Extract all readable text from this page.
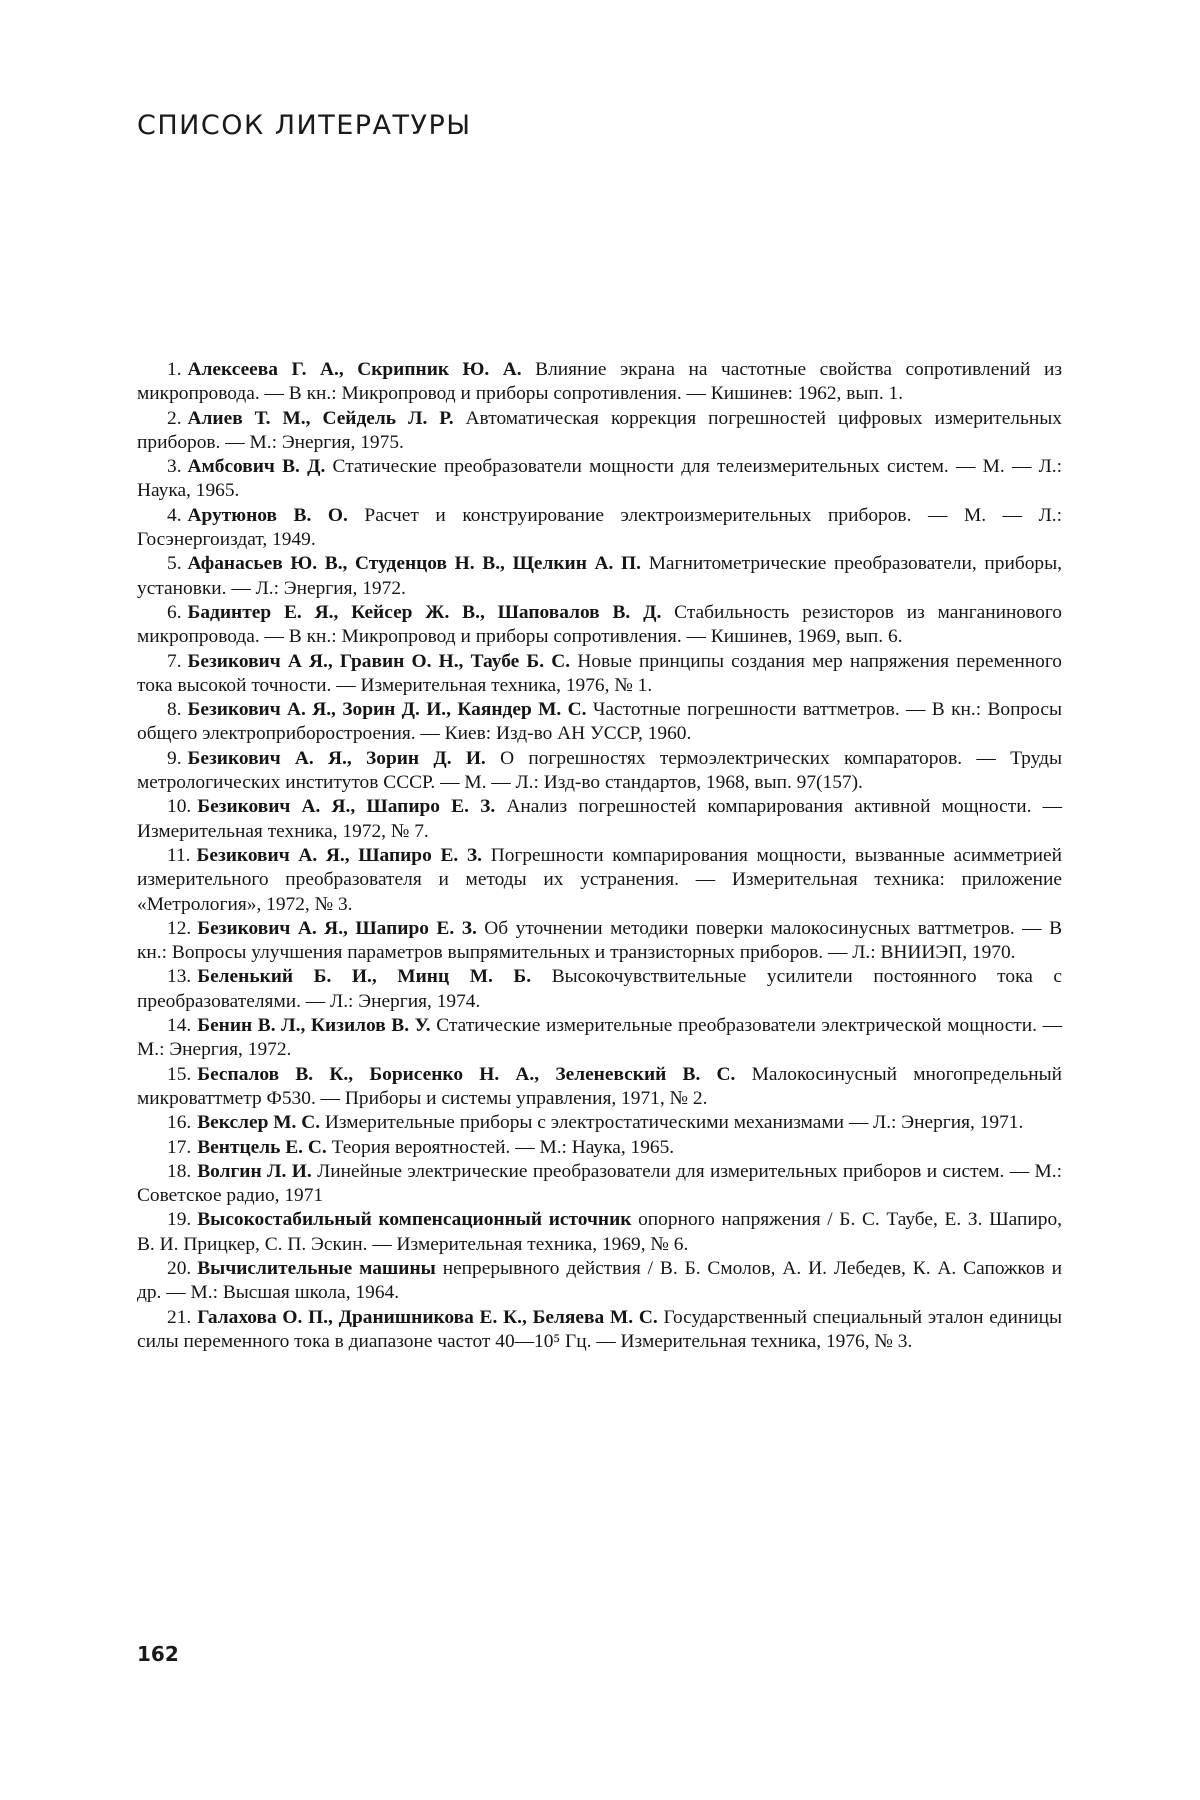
СПИСОК ЛИТЕРАТУРЫ
1. Алексеева Г. А., Скрипник Ю. А. Влияние экрана на частотные свойства сопротивлений из микропровода. — В кн.: Микропровод и приборы сопротивления. — Кишинев: 1962, вып. 1.
2. Алиев Т. М., Сейдель Л. Р. Автоматическая коррекция погрешностей цифровых измерительных приборов. — М.: Энергия, 1975.
3. Амбсович В. Д. Статические преобразователи мощности для телеизмерительных систем. — М. — Л.: Наука, 1965.
4. Арутюнов В. О. Расчет и конструирование электроизмерительных приборов. — М. — Л.: Госэнергоиздат, 1949.
5. Афанасьев Ю. В., Студенцов Н. В., Щелкин А. П. Магнитометрические преобразователи, приборы, установки. — Л.: Энергия, 1972.
6. Бадинтер Е. Я., Кейсер Ж. В., Шаповалов В. Д. Стабильность резисторов из манганинового микропровода. — В кн.: Микропровод и приборы сопротивления. — Кишинев, 1969, вып. 6.
7. Безикович А Я., Гравин О. Н., Таубе Б. С. Новые принципы создания мер напряжения переменного тока высокой точности. — Измерительная техника, 1976, № 1.
8. Безикович А. Я., Зорин Д. И., Каяндер М. С. Частотные погрешности ваттметров. — В кн.: Вопросы общего электроприборостроения. — Киев: Изд-во АН УССР, 1960.
9. Безикович А. Я., Зорин Д. И. О погрешностях термоэлектрических компараторов. — Труды метрологических институтов СССР. — М. — Л.: Изд-во стандартов, 1968, вып. 97(157).
10. Безикович А. Я., Шапиро Е. З. Анализ погрешностей компарирования активной мощности. — Измерительная техника, 1972, № 7.
11. Безикович А. Я., Шапиро Е. З. Погрешности компарирования мощности, вызванные асимметрией измерительного преобразователя и методы их устранения. — Измерительная техника: приложение «Метрология», 1972, № 3.
12. Безикович А. Я., Шапиро Е. З. Об уточнении методики поверки малокосинусных ваттметров. — В кн.: Вопросы улучшения параметров выпрямительных и транзисторных приборов. — Л.: ВНИИЭП, 1970.
13. Беленький Б. И., Минц М. Б. Высокочувствительные усилители постоянного тока с преобразователями. — Л.: Энергия, 1974.
14. Бенин В. Л., Кизилов В. У. Статические измерительные преобразователи электрической мощности. — М.: Энергия, 1972.
15. Беспалов В. К., Борисенко Н. А., Зеленевский В. С. Малокосинусный многопредельный микроваттметр Ф530. — Приборы и системы управления, 1971, № 2.
16. Векслер М. С. Измерительные приборы с электростатическими механизмами — Л.: Энергия, 1971.
17. Вентцель Е. С. Теория вероятностей. — М.: Наука, 1965.
18. Волгин Л. И. Линейные электрические преобразователи для измерительных приборов и систем. — М.: Советское радио, 1971
19. Высокостабильный компенсационный источник опорного напряжения / Б. С. Таубе, Е. З. Шапиро, В. И. Прицкер, С. П. Эскин. — Измерительная техника, 1969, № 6.
20. Вычислительные машины непрерывного действия / В. Б. Смолов, А. И. Лебедев, К. А. Сапожков и др. — М.: Высшая школа, 1964.
21. Галахова О. П., Дранишникова Е. К., Беляева М. С. Государственный специальный эталон единицы силы переменного тока в диапазоне частот 40—10⁵ Гц. — Измерительная техника, 1976, № 3.
162
